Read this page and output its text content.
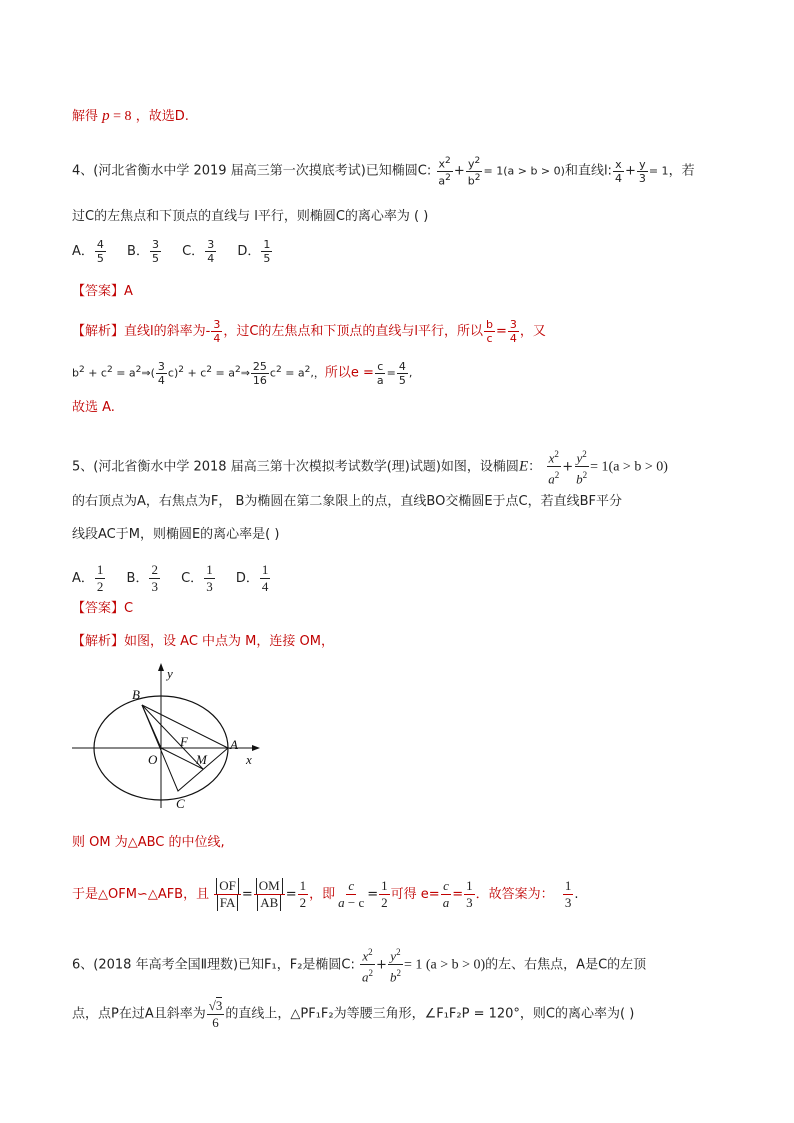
解得 p = 8 ，故选D.
4、(河北省衡水中学 2019 届高三第一次摸底考试)已知椭圆C: $\frac{x^2}{a^2} + \frac{y^2}{b^2} = 1(a > b > 0)$和直线l: $\frac{x}{4} + \frac{y}{3} = 1$，若
过C的左焦点和下顶点的直线与 l平行，则椭圆C的离心率为 ( )
A． $\frac{4}{5}$ B． $\frac{3}{5}$ C． $\frac{3}{4}$ D． $\frac{1}{5}$
【答案】A
【解析】直线l的斜率为- $\frac{3}{4}$ ，过C的左焦点和下顶点的直线与l平行，所以 $\frac{b}{c} = \frac{3}{4}$ ，又
$b^2 + c^2$ = $a^2\Rightarrow( \frac{3}{4} c)^2 + c^2$ = $a^2\Rightarrow \frac{25}{16} c^2 = a^2$,，所以$e = \frac{c}{a} = \frac{4}{5}$ ,
故选 A.
5、(河北省衡水中学 2018 届高三第十次模拟考试数学(理)试题)如图，设椭圆E： $\frac{x^2}{a^2} + \frac{y^2}{b^2} = 1(a > b > 0)$
的右顶点为A，右焦点为F， B为椭圆在第二象限上的点，直线BO交椭圆E于点C，若直线BF平分
线段AC于M，则椭圆E的离心率是( )
A． $\frac{1}{2}$ B． $\frac{2}{3}$ C． $\frac{1}{3}$ D． $\frac{1}{4}$
【答案】C
【解析】如图，设 AC 中点为 M，连接 OM，
B
F	A
O	M
C
x
y
则 OM 为△ABC 的中位线,
于是△OFM∽△AFB，且 $\frac{OF}{FA} = \frac{OM}{AB} = \frac{1}{2}$ ，即 $\frac{c}{a - c} = \frac{1}{2}$ 可得 $e= \frac{c}{a} = \frac{1}{3}$ ．故答案为： $\frac{1}{3}$ .
6、(2018 年高考全国Ⅱ理数)已知F₁，F₂是椭圆C: $\frac{x^2}{a^2} + \frac{y^2}{b^2} = 1$ (a > b > 0)的左、右焦点，A是C的左顶
点，点P在过A且斜率为 $\frac{√3}{6}$ 的直线上，△PF₁F₂为等腰三角形，∠F₁F₂P = 120°，则C的离心率为( )
